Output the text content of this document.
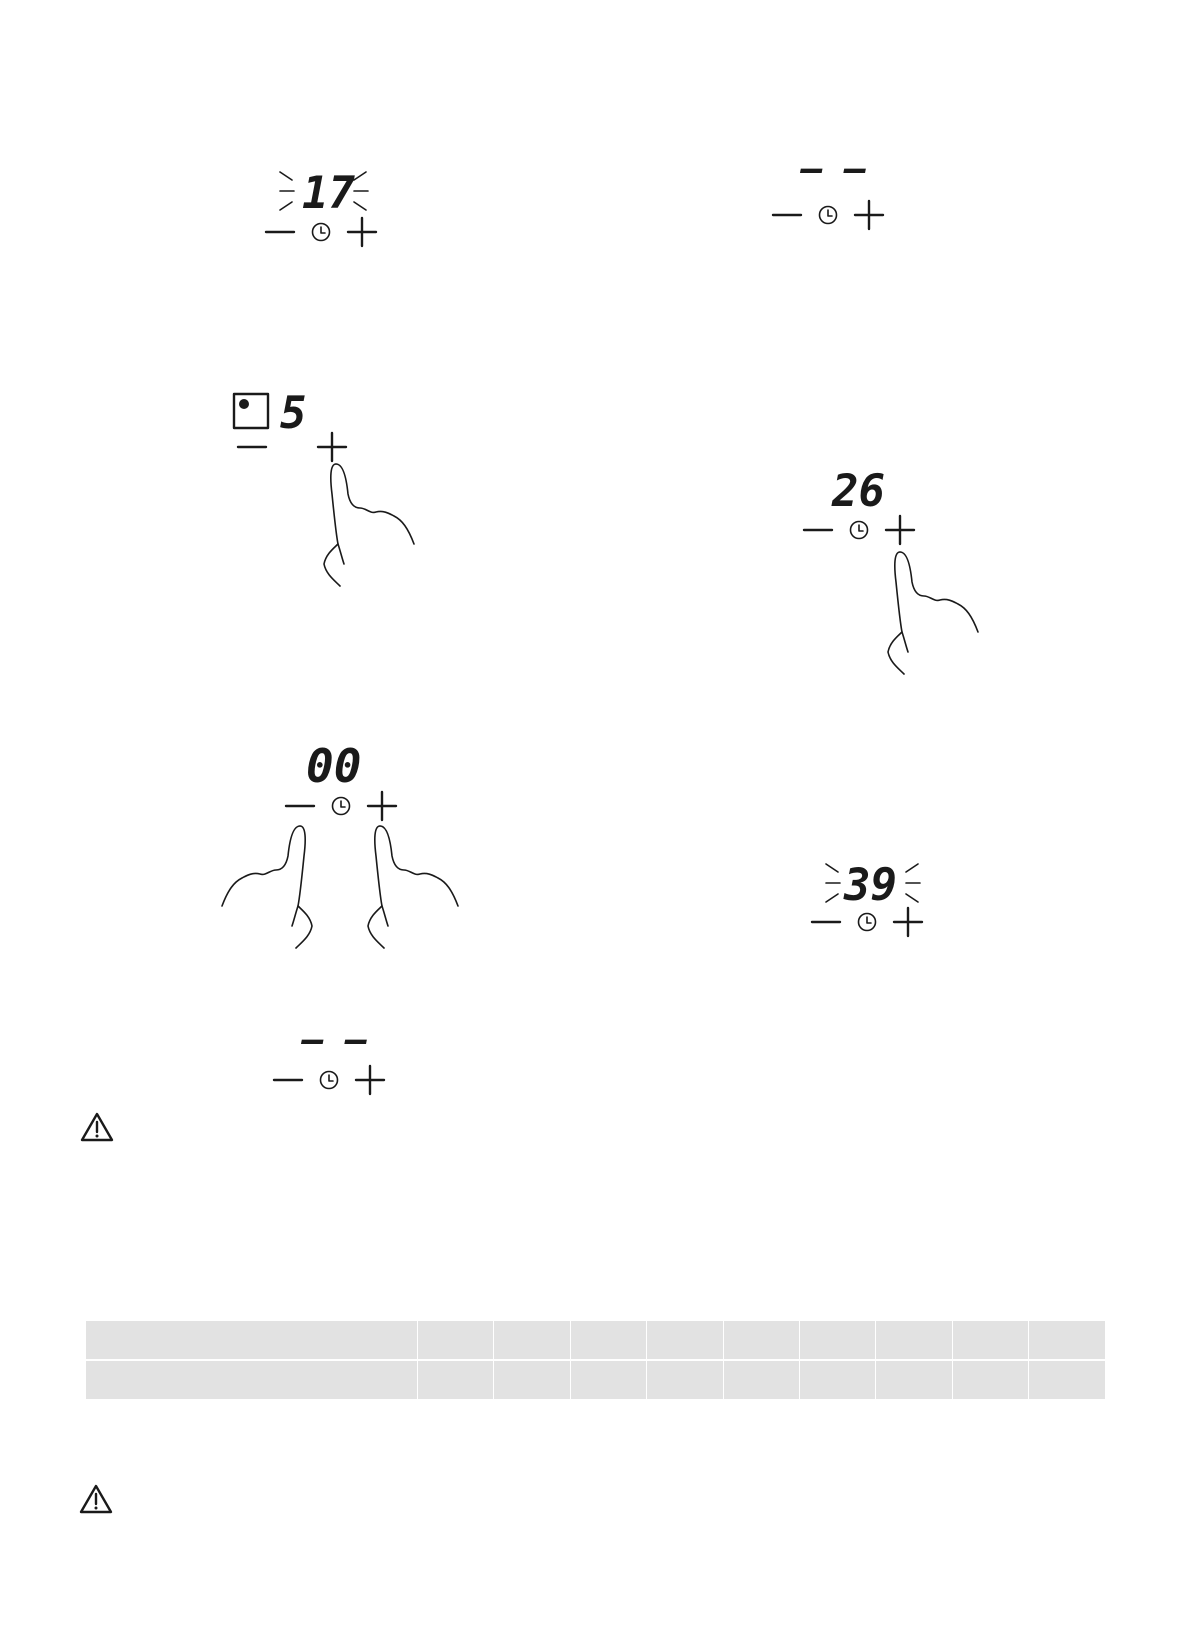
17	– –
5
26
00
39
– –
